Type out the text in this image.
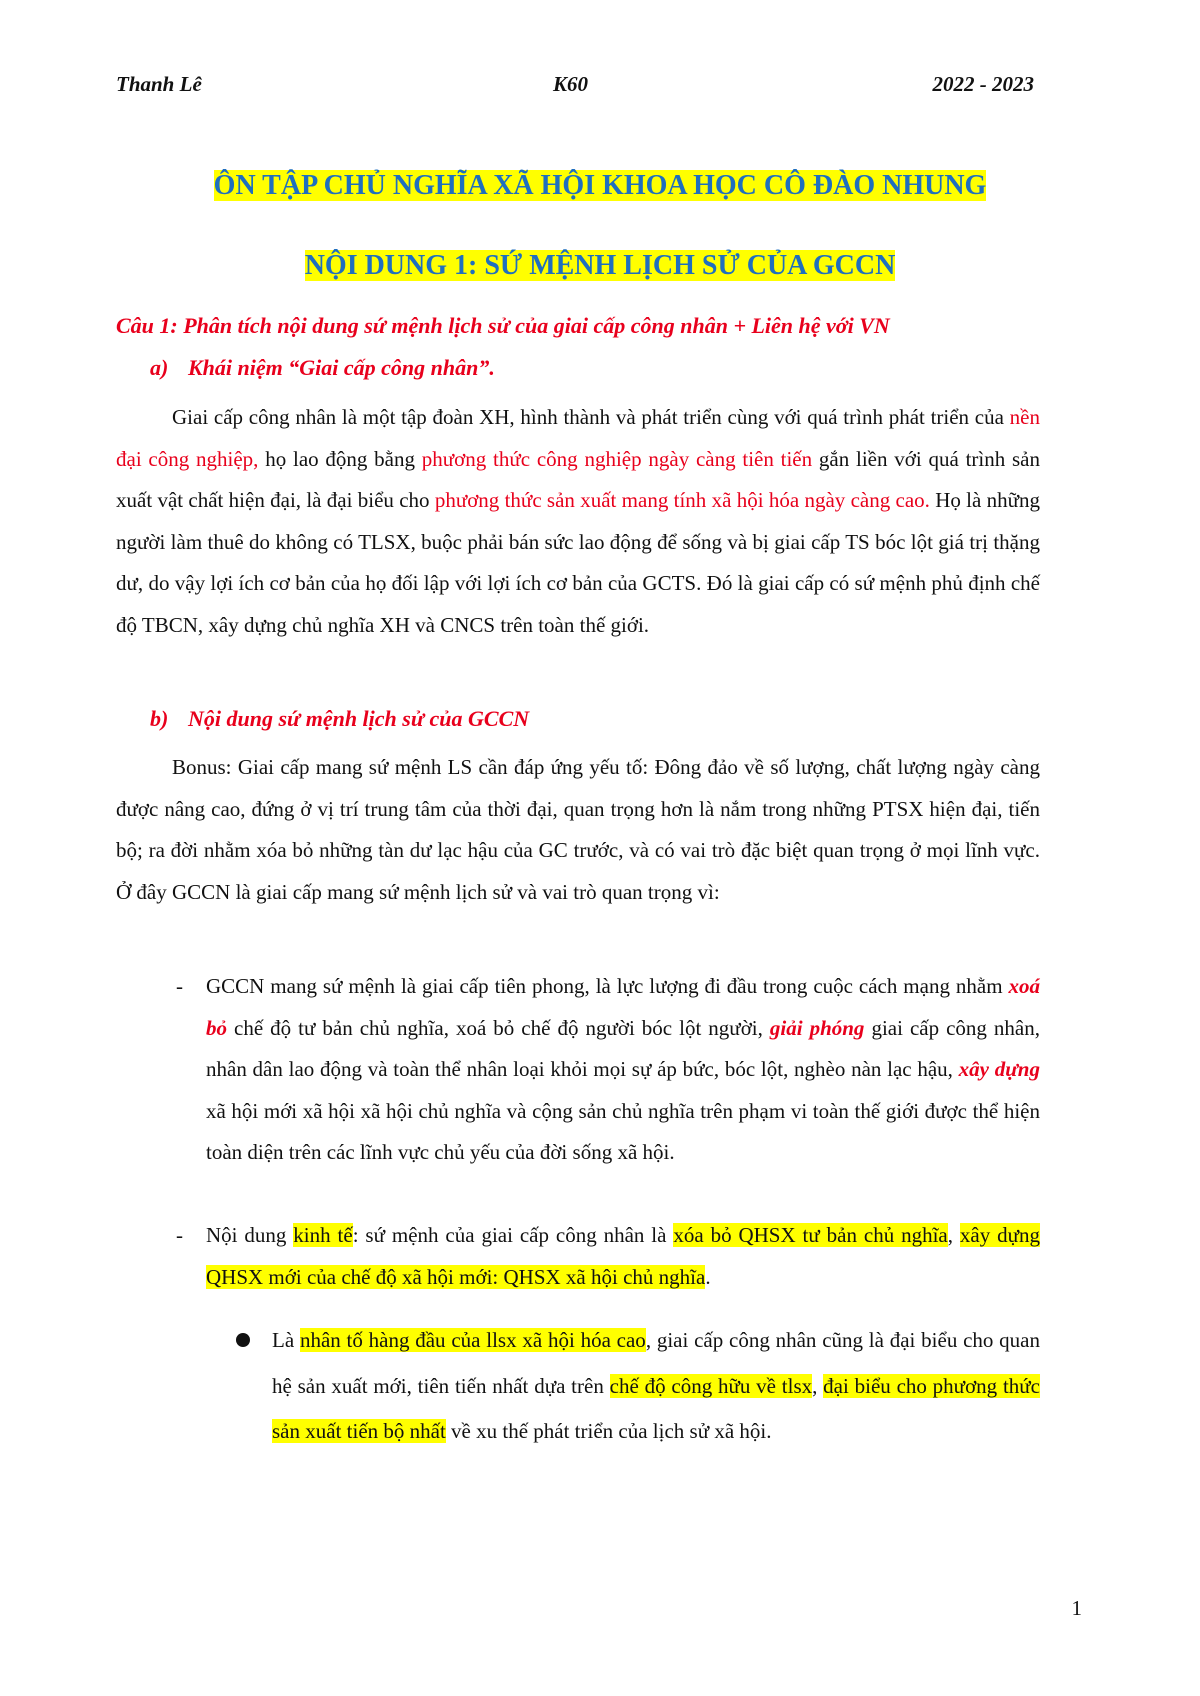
Thanh Lê	K60	2022 - 2023
ÔN TẬP CHỦ NGHĨA XÃ HỘI KHOA HỌC CÔ ĐÀO NHUNG
NỘI DUNG 1: SỨ MỆNH LỊCH SỬ CỦA GCCN
Câu 1: Phân tích nội dung sứ mệnh lịch sử của giai cấp công nhân + Liên hệ với VN
a) Khái niệm “Giai cấp công nhân”.

Giai cấp công nhân là một tập đoàn XH, hình thành và phát triển cùng với quá trình phát triển của nền đại công nghiệp, họ lao động bằng phương thức công nghiệp ngày càng tiên tiến gắn liền với quá trình sản xuất vật chất hiện đại, là đại biểu cho phương thức sản xuất mang tính xã hội hóa ngày càng cao. Họ là những người làm thuê do không có TLSX, buộc phải bán sức lao động để sống và bị giai cấp TS bóc lột giá trị thặng dư, do vậy lợi ích cơ bản của họ đối lập với lợi ích cơ bản của GCTS. Đó là giai cấp có sứ mệnh phủ định chế độ TBCN, xây dựng chủ nghĩa XH và CNCS trên toàn thế giới.

b) Nội dung sứ mệnh lịch sử của GCCN

Bonus: Giai cấp mang sứ mệnh LS cần đáp ứng yếu tố: Đông đảo về số lượng, chất lượng ngày càng được nâng cao, đứng ở vị trí trung tâm của thời đại, quan trọng hơn là nắm trong những PTSX hiện đại, tiến bộ; ra đời nhằm xóa bỏ những tàn dư lạc hậu của GC trước, và có vai trò đặc biệt quan trọng ở mọi lĩnh vực. Ở đây GCCN là giai cấp mang sứ mệnh lịch sử và vai trò quan trọng vì:

- GCCN mang sứ mệnh là giai cấp tiên phong, là lực lượng đi đầu trong cuộc cách mạng nhằm xoá bỏ chế độ tư bản chủ nghĩa, xoá bỏ chế độ người bóc lột người, giải phóng giai cấp công nhân, nhân dân lao động và toàn thể nhân loại khỏi mọi sự áp bức, bóc lột, nghèo nàn lạc hậu, xây dựng xã hội mới xã hội xã hội chủ nghĩa và cộng sản chủ nghĩa trên phạm vi toàn thế giới được thể hiện toàn diện trên các lĩnh vực chủ yếu của đời sống xã hội.

- Nội dung kinh tế: sứ mệnh của giai cấp công nhân là xóa bỏ QHSX tư bản chủ nghĩa, xây dựng QHSX mới của chế độ xã hội mới: QHSX xã hội chủ nghĩa.

Là nhân tố hàng đầu của llsx xã hội hóa cao, giai cấp công nhân cũng là đại biểu cho quan hệ sản xuất mới, tiên tiến nhất dựa trên chế độ công hữu về tlsx, đại biểu cho phương thức sản xuất tiến bộ nhất về xu thế phát triển của lịch sử xã hội.

1
